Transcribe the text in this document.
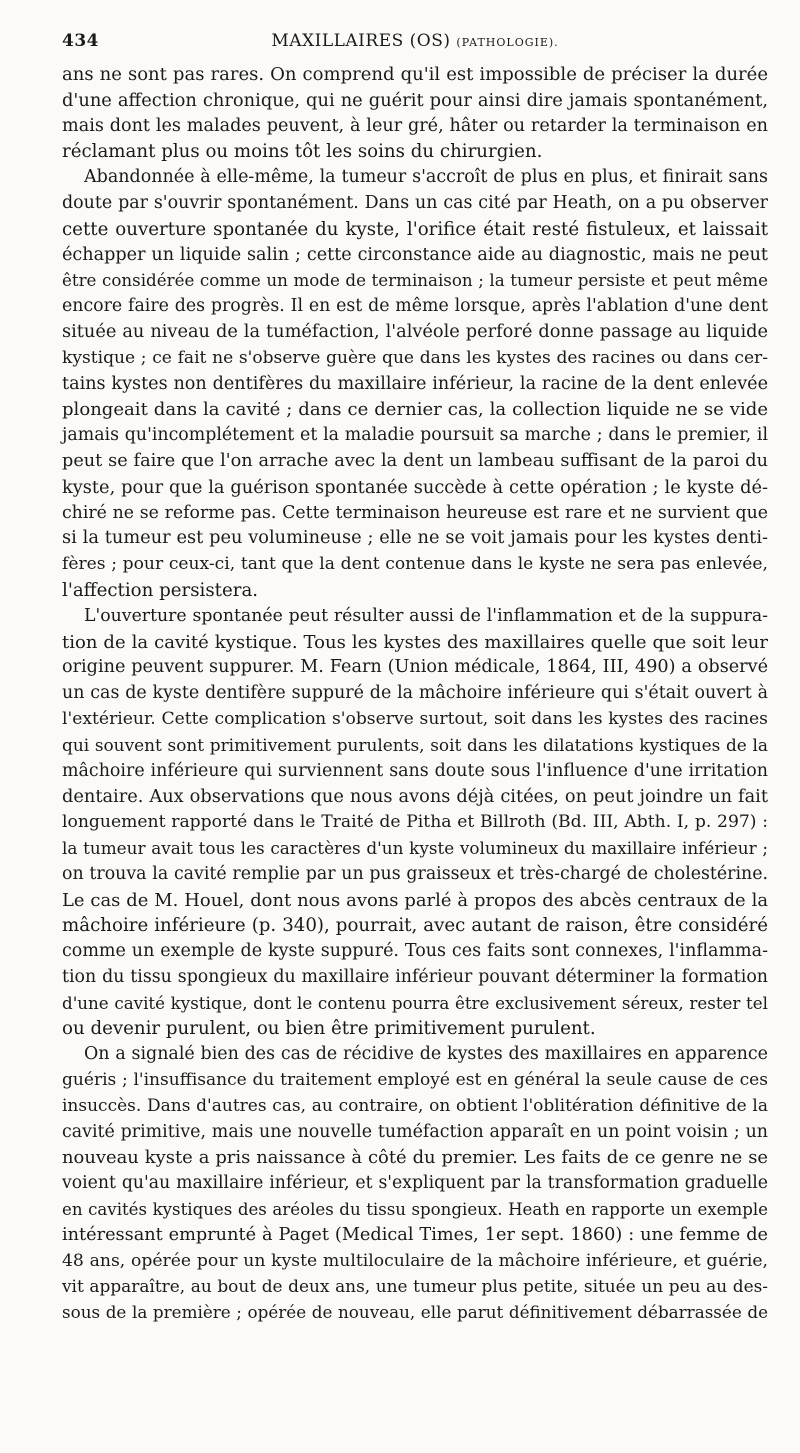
434	MAXILLAIRES (OS) (PATHOLOGIE).

ans ne sont pas rares. On comprend qu'il est impossible de préciser la durée
d'une affection chronique, qui ne guérit pour ainsi dire jamais spontanément,
mais dont les malades peuvent, à leur gré, hâter ou retarder la terminaison en
réclamant plus ou moins tôt les soins du chirurgien.

Abandonnée à elle-même, la tumeur s'accroît de plus en plus, et finirait sans
doute par s'ouvrir spontanément. Dans un cas cité par Heath, on a pu observer
cette ouverture spontanée du kyste, l'orifice était resté fistuleux, et laissait
échapper un liquide salin ; cette circonstance aide au diagnostic, mais ne peut
être considérée comme un mode de terminaison ; la tumeur persiste et peut même
encore faire des progrès. Il en est de même lorsque, après l'ablation d'une dent
située au niveau de la tuméfaction, l'alvéole perforé donne passage au liquide
kystique ; ce fait ne s'observe guère que dans les kystes des racines ou dans cer-
tains kystes non dentifères du maxillaire inférieur, la racine de la dent enlevée
plongeait dans la cavité ; dans ce dernier cas, la collection liquide ne se vide
jamais qu'incomplétement et la maladie poursuit sa marche ; dans le premier, il
peut se faire que l'on arrache avec la dent un lambeau suffisant de la paroi du
kyste, pour que la guérison spontanée succède à cette opération ; le kyste dé-
chiré ne se reforme pas. Cette terminaison heureuse est rare et ne survient que
si la tumeur est peu volumineuse ; elle ne se voit jamais pour les kystes denti-
fères ; pour ceux-ci, tant que la dent contenue dans le kyste ne sera pas enlevée,
l'affection persistera.

L'ouverture spontanée peut résulter aussi de l'inflammation et de la suppura-
tion de la cavité kystique. Tous les kystes des maxillaires quelle que soit leur
origine peuvent suppurer. M. Fearn (Union médicale, 1864, III, 490) a observé
un cas de kyste dentifère suppuré de la mâchoire inférieure qui s'était ouvert à
l'extérieur. Cette complication s'observe surtout, soit dans les kystes des racines
qui souvent sont primitivement purulents, soit dans les dilatations kystiques de la
mâchoire inférieure qui surviennent sans doute sous l'influence d'une irritation
dentaire. Aux observations que nous avons déjà citées, on peut joindre un fait
longuement rapporté dans le Traité de Pitha et Billroth (Bd. III, Abth. I, p. 297) :
la tumeur avait tous les caractères d'un kyste volumineux du maxillaire inférieur ;
on trouva la cavité remplie par un pus graisseux et très-chargé de cholestérine.
Le cas de M. Houel, dont nous avons parlé à propos des abcès centraux de la
mâchoire inférieure (p. 340), pourrait, avec autant de raison, être considéré
comme un exemple de kyste suppuré. Tous ces faits sont connexes, l'inflamma-
tion du tissu spongieux du maxillaire inférieur pouvant déterminer la formation
d'une cavité kystique, dont le contenu pourra être exclusivement séreux, rester tel
ou devenir purulent, ou bien être primitivement purulent.

On a signalé bien des cas de récidive de kystes des maxillaires en apparence
guéris ; l'insuffisance du traitement employé est en général la seule cause de ces
insuccès. Dans d'autres cas, au contraire, on obtient l'oblitération définitive de la
cavité primitive, mais une nouvelle tuméfaction apparaît en un point voisin ; un
nouveau kyste a pris naissance à côté du premier. Les faits de ce genre ne se
voient qu'au maxillaire inférieur, et s'expliquent par la transformation graduelle
en cavités kystiques des aréoles du tissu spongieux. Heath en rapporte un exemple
intéressant emprunté à Paget (Medical Times, 1er sept. 1860) : une femme de
48 ans, opérée pour un kyste multiloculaire de la mâchoire inférieure, et guérie,
vit apparaître, au bout de deux ans, une tumeur plus petite, située un peu au des-
sous de la première ; opérée de nouveau, elle parut définitivement débarrassée de
